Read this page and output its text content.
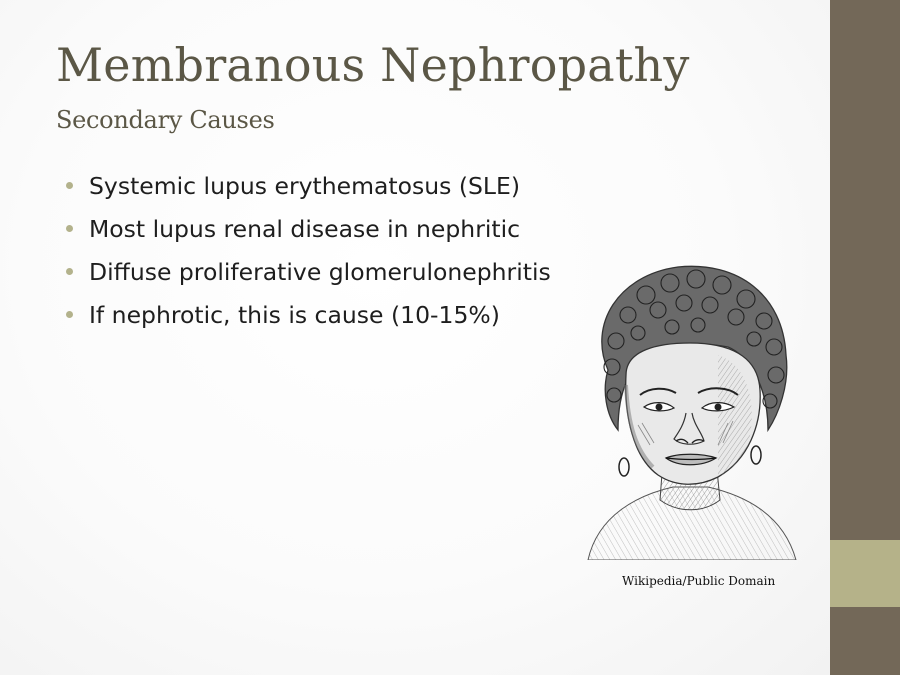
Membranous Nephropathy
Secondary Causes
Systemic lupus erythematosus (SLE)
Most lupus renal disease in nephritic
Diffuse proliferative glomerulonephritis
If nephrotic, this is cause (10-15%)
Wikipedia/Public Domain
